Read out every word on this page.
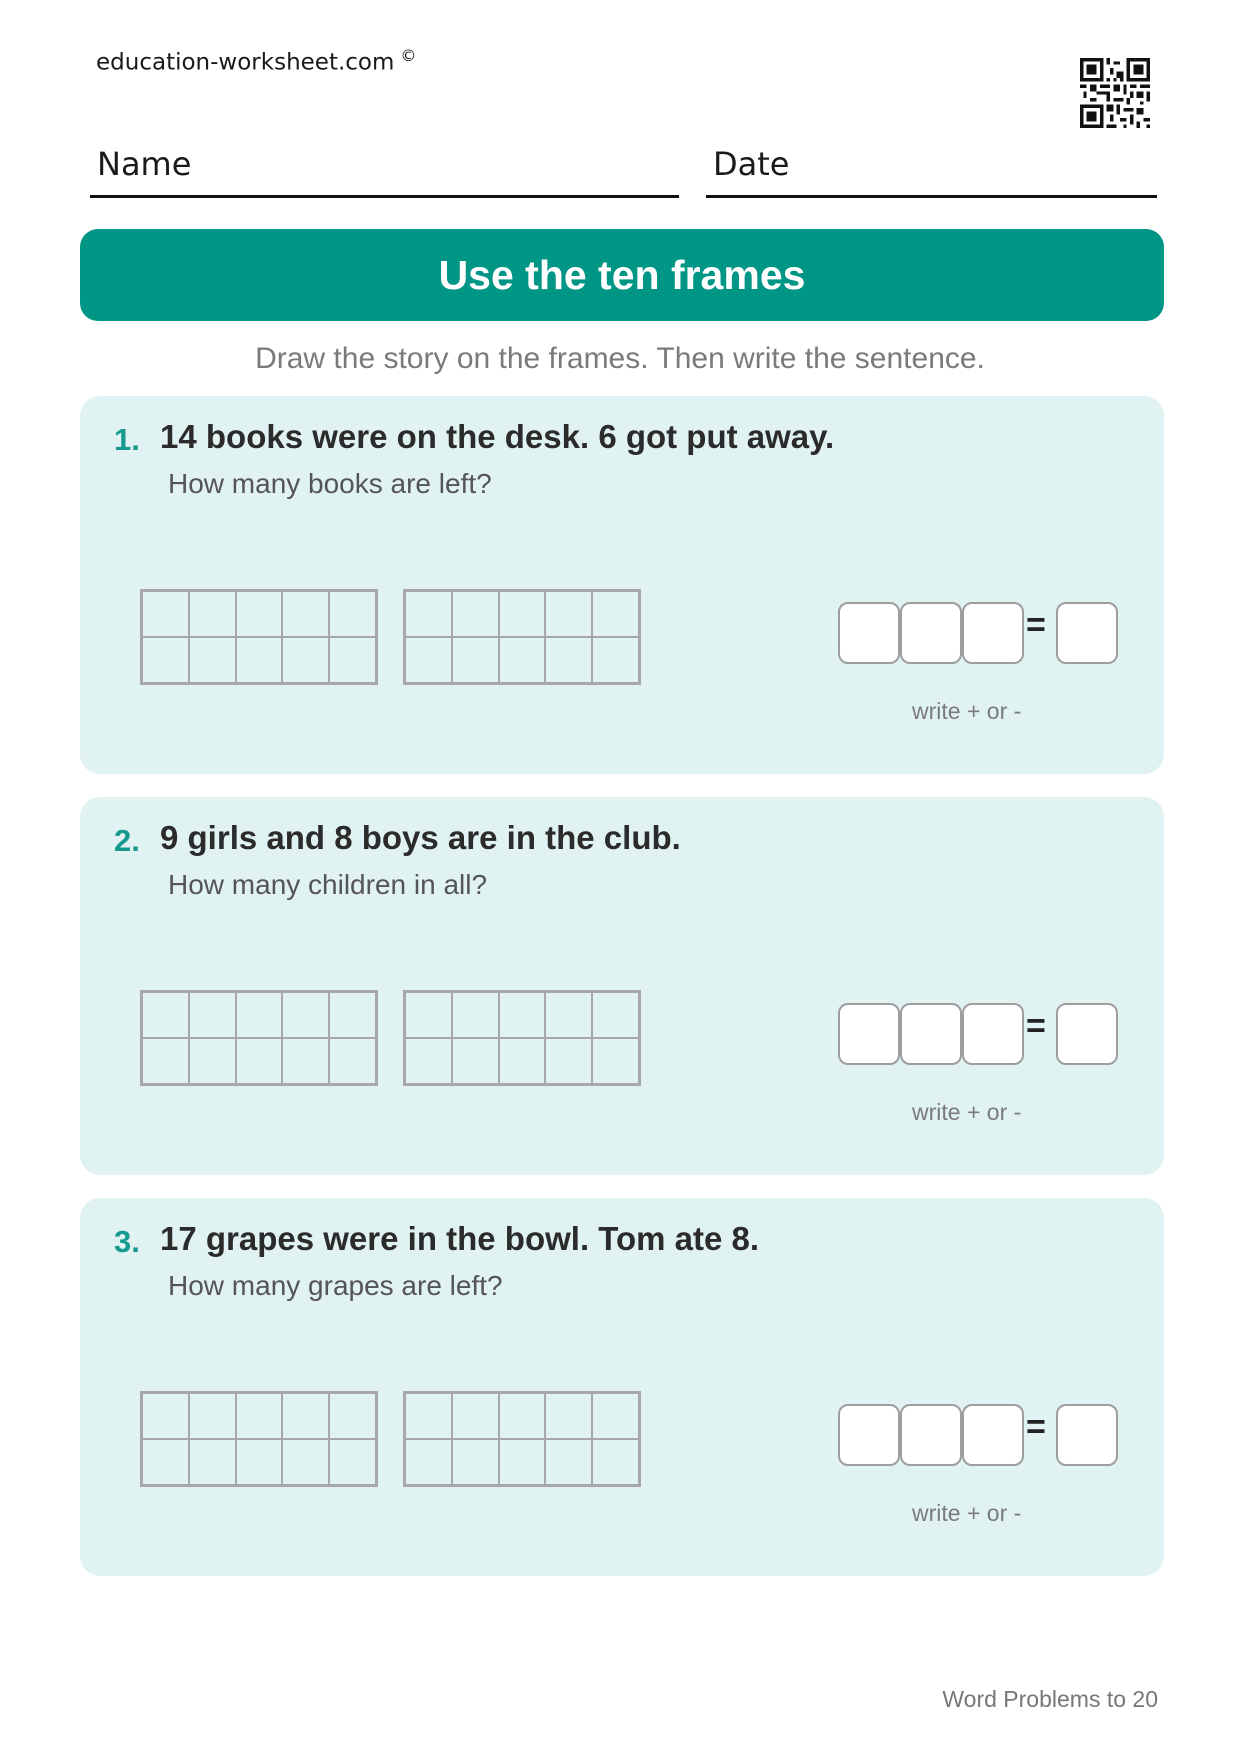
education-worksheet.com ©
Name	Date
Use the ten frames
Draw the story on the frames. Then write the sentence.
1. 14 books were on the desk. 6 got put away.
How many books are left?
=
write + or -
2. 9 girls and 8 boys are in the club.
How many children in all?
=
write + or -
3. 17 grapes were in the bowl. Tom ate 8.
How many grapes are left?
=
write + or -
Word Problems to 20
